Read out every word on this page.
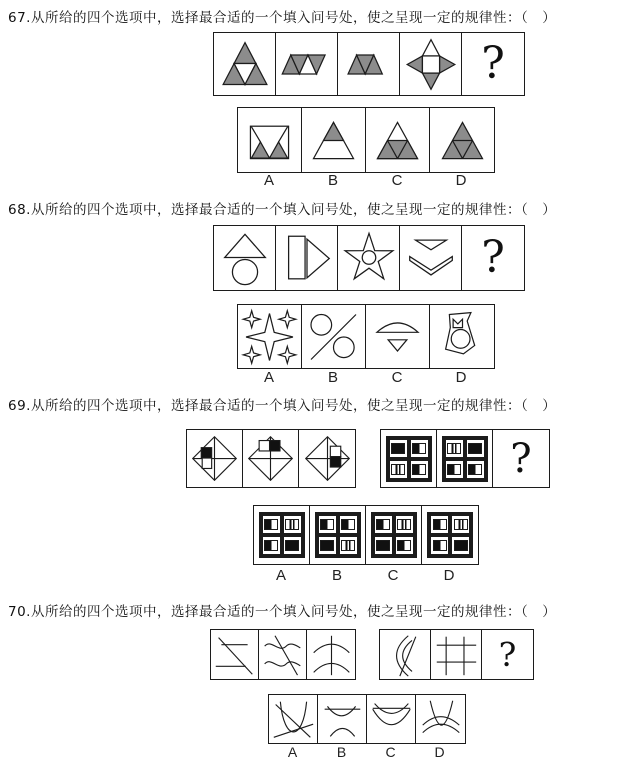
67.从所给的四个选项中，选择最合适的一个填入问号处，使之呈现一定的规律性：（　）
?
A	B	C	D
68.从所给的四个选项中，选择最合适的一个填入问号处，使之呈现一定的规律性：（　）
?
A	B	C	D
69.从所给的四个选项中，选择最合适的一个填入问号处，使之呈现一定的规律性：（　）
?
A	B	C	D
70.从所给的四个选项中，选择最合适的一个填入问号处，使之呈现一定的规律性：（　）
?
A	B	C	D
